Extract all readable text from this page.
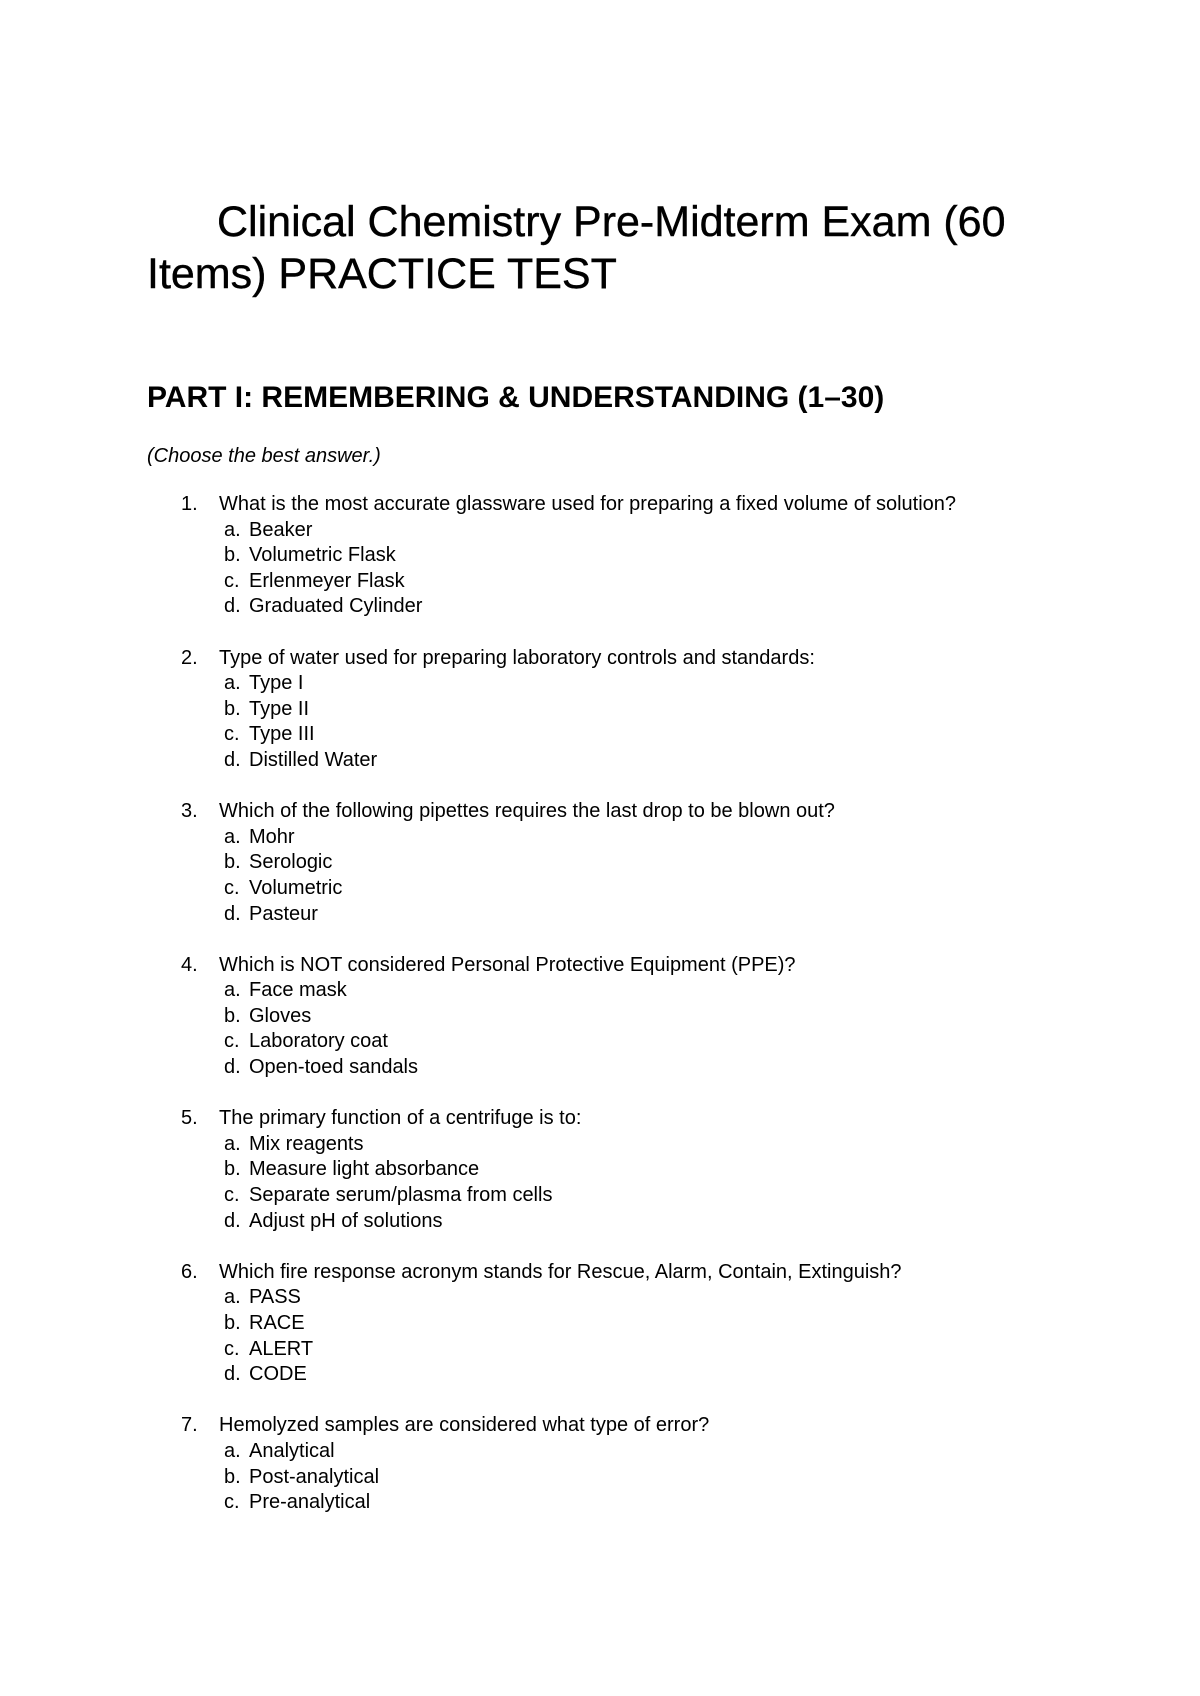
Clinical Chemistry Pre-Midterm Exam (60 Items) PRACTICE TEST
PART I: REMEMBERING & UNDERSTANDING (1–30)

(Choose the best answer.)

1. What is the most accurate glassware used for preparing a fixed volume of solution?
a. Beaker
b. Volumetric Flask
c. Erlenmeyer Flask
d. Graduated Cylinder
2. Type of water used for preparing laboratory controls and standards:
a. Type I
b. Type II
c. Type III
d. Distilled Water
3. Which of the following pipettes requires the last drop to be blown out?
a. Mohr
b. Serologic
c. Volumetric
d. Pasteur
4. Which is NOT considered Personal Protective Equipment (PPE)?
a. Face mask
b. Gloves
c. Laboratory coat
d. Open-toed sandals
5. The primary function of a centrifuge is to:
a. Mix reagents
b. Measure light absorbance
c. Separate serum/plasma from cells
d. Adjust pH of solutions
6. Which fire response acronym stands for Rescue, Alarm, Contain, Extinguish?
a. PASS
b. RACE
c. ALERT
d. CODE
7. Hemolyzed samples are considered what type of error?
a. Analytical
b. Post-analytical
c. Pre-analytical
